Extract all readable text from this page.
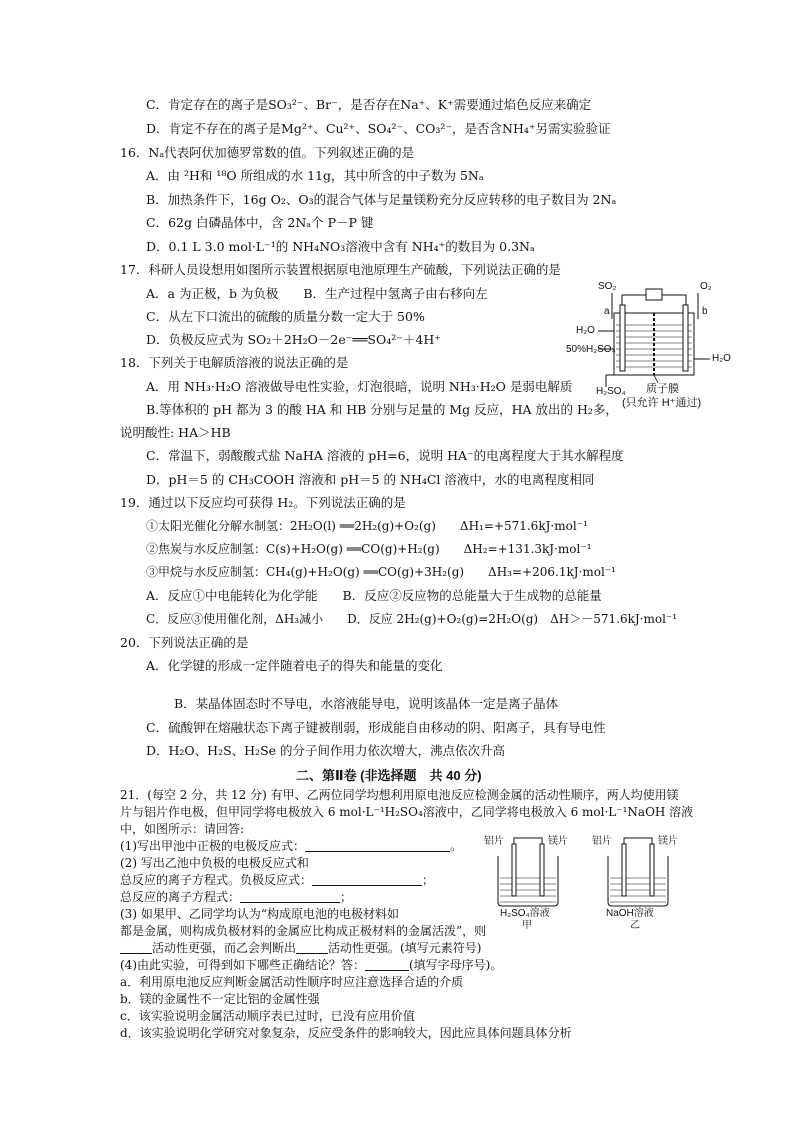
C．肯定存在的离子是SO₃²⁻、Br⁻，是否存在Na⁺、K⁺需要通过焰色反应来确定
D．肯定不存在的离子是Mg²⁺、Cu²⁺、SO₄²⁻、CO₃²⁻，是否含NH₄⁺另需实验验证
16．Nₐ代表阿伏加德罗常数的值。下列叙述正确的是
A．由 ²H和 ¹⁸O 所组成的水 11g，其中所含的中子数为 5Nₐ
B．加热条件下，16g O₂、O₃的混合气体与足量镁粉充分反应转移的电子数目为 2Nₐ
C．62g 白磷晶体中，含 2Nₐ个 P－P 键
D．0.1 L 3.0 mol·L⁻¹的 NH₄NO₃溶液中含有 NH₄⁺的数目为 0.3Nₐ
17．科研人员设想用如图所示装置根据原电池原理生产硫酸，下列说法正确的是
A．a 为正极，b 为负极　　B．生产过程中氢离子由右移向左
C．从左下口流出的硫酸的质量分数一定大于 50%
D．负极反应式为 SO₂＋2H₂O－2e⁻══SO₄²⁻＋4H⁺
SO₂	O₂
a	b
H₂O
50%H₂SO₄
H₂O
H₂SO₄ 质子膜
(只允许 H⁺通过)
18．下列关于电解质溶液的说法正确的是
A．用 NH₃·H₂O 溶液做导电性实验，灯泡很暗，说明 NH₃·H₂O 是弱电解质
B.等体积的 pH 都为 3 的酸 HA 和 HB 分别与足量的 Mg 反应，HA 放出的 H₂多，
说明酸性: HA＞HB
C．常温下，弱酸酸式盐 NaHA 溶液的 pH=6，说明 HA⁻的电离程度大于其水解程度
D．pH＝5 的 CH₃COOH 溶液和 pH＝5 的 NH₄Cl 溶液中，水的电离程度相同
19．通过以下反应均可获得 H₂。下列说法正确的是
①太阳光催化分解水制氢：2H₂O(l) ══2H₂(g)+O₂(g)　　ΔH₁=+571.6kJ·mol⁻¹
②焦炭与水反应制氢：C(s)+H₂O(g) ══CO(g)+H₂(g)　　ΔH₂=+131.3kJ·mol⁻¹
③甲烷与水反应制氢：CH₄(g)+H₂O(g) ══CO(g)+3H₂(g)　　ΔH₃=+206.1kJ·mol⁻¹
A．反应①中电能转化为化学能　　B．反应②反应物的总能量大于生成物的总能量
C．反应③使用催化剂，ΔH₃减小　　D．反应 2H₂(g)+O₂(g)=2H₂O(g)　ΔH＞－571.6kJ·mol⁻¹
20．下列说法正确的是
A．化学键的形成一定伴随着电子的得失和能量的变化
B．某晶体固态时不导电，水溶液能导电，说明该晶体一定是离子晶体
C．硫酸钾在熔融状态下离子键被削弱，形成能自由移动的阴、阳离子，具有导电性
D．H₂O、H₂S、H₂Se 的分子间作用力依次增大，沸点依次升高
二、第Ⅱ卷 (非选择题　共 40 分)
21．(每空 2 分，共 12 分) 有甲、乙两位同学均想利用原电池反应检测金属的活动性顺序，两人均使用镁
片与铝片作电极，但甲同学将电极放入 6 mol·L⁻¹H₂SO₄溶液中，乙同学将电极放入 6 mol·L⁻¹NaOH 溶液
中，如图所示：请回答:
(1)写出甲池中正极的电极反应式：	。
(2) 写出乙池中负极的电极反应式和
总反应的离子方程式。负极反应式：	；
总反应的离子方程式：	；
(3) 如果甲、乙同学均认为“构成原电池的电极材料如
都是金属，则构成负极材料的金属应比构成正极材料的金属活泼”，则
活动性更强，而乙会判断出	活动性更强。(填写元素符号)
(4)由此实验，可得到如下哪些正确结论？答：	(填写字母序号)。
a．利用原电池反应判断金属活动性顺序时应注意选择合适的介质
b．镁的金属性不一定比铝的金属性强
c．该实验说明金属活动顺序表已过时，已没有应用价值
d．该实验说明化学研究对象复杂，反应受条件的影响较大，因此应具体问题具体分析
铝片	镁片
H₂SO₄溶液
甲
铝片	镁片
NaOH溶液
乙
